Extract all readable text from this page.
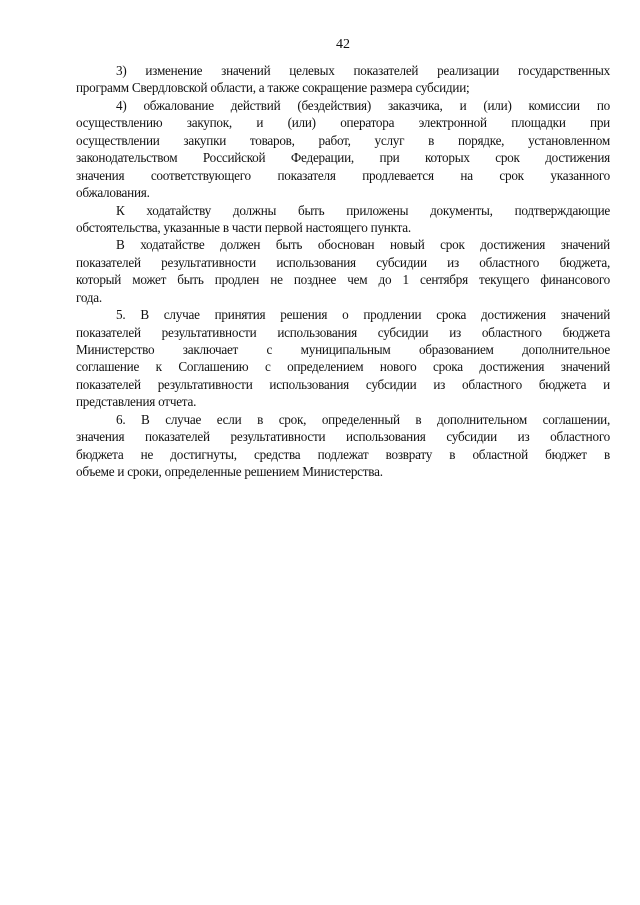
42
3) изменение значений целевых показателей реализации государственных
программ Свердловской области, а также сокращение размера субсидии;
4) обжалование действий (бездействия) заказчика, и (или) комиссии по
осуществлению закупок, и (или) оператора электронной площадки при
осуществлении закупки товаров, работ, услуг в порядке, установленном
законодательством Российской Федерации, при которых срок достижения
значения соответствующего показателя продлевается на срок указанного
обжалования.
К ходатайству должны быть приложены документы, подтверждающие
обстоятельства, указанные в части первой настоящего пункта.
В ходатайстве должен быть обоснован новый срок достижения значений
показателей результативности использования субсидии из областного бюджета,
который может быть продлен не позднее чем до 1 сентября текущего финансового
года.
5. В случае принятия решения о продлении срока достижения значений
показателей результативности использования субсидии из областного бюджета
Министерство заключает с муниципальным образованием дополнительное
соглашение к Соглашению с определением нового срока достижения значений
показателей результативности использования субсидии из областного бюджета и
представления отчета.
6. В случае если в срок, определенный в дополнительном соглашении,
значения показателей результативности использования субсидии из областного
бюджета не достигнуты, средства подлежат возврату в областной бюджет в
объеме и сроки, определенные решением Министерства.
